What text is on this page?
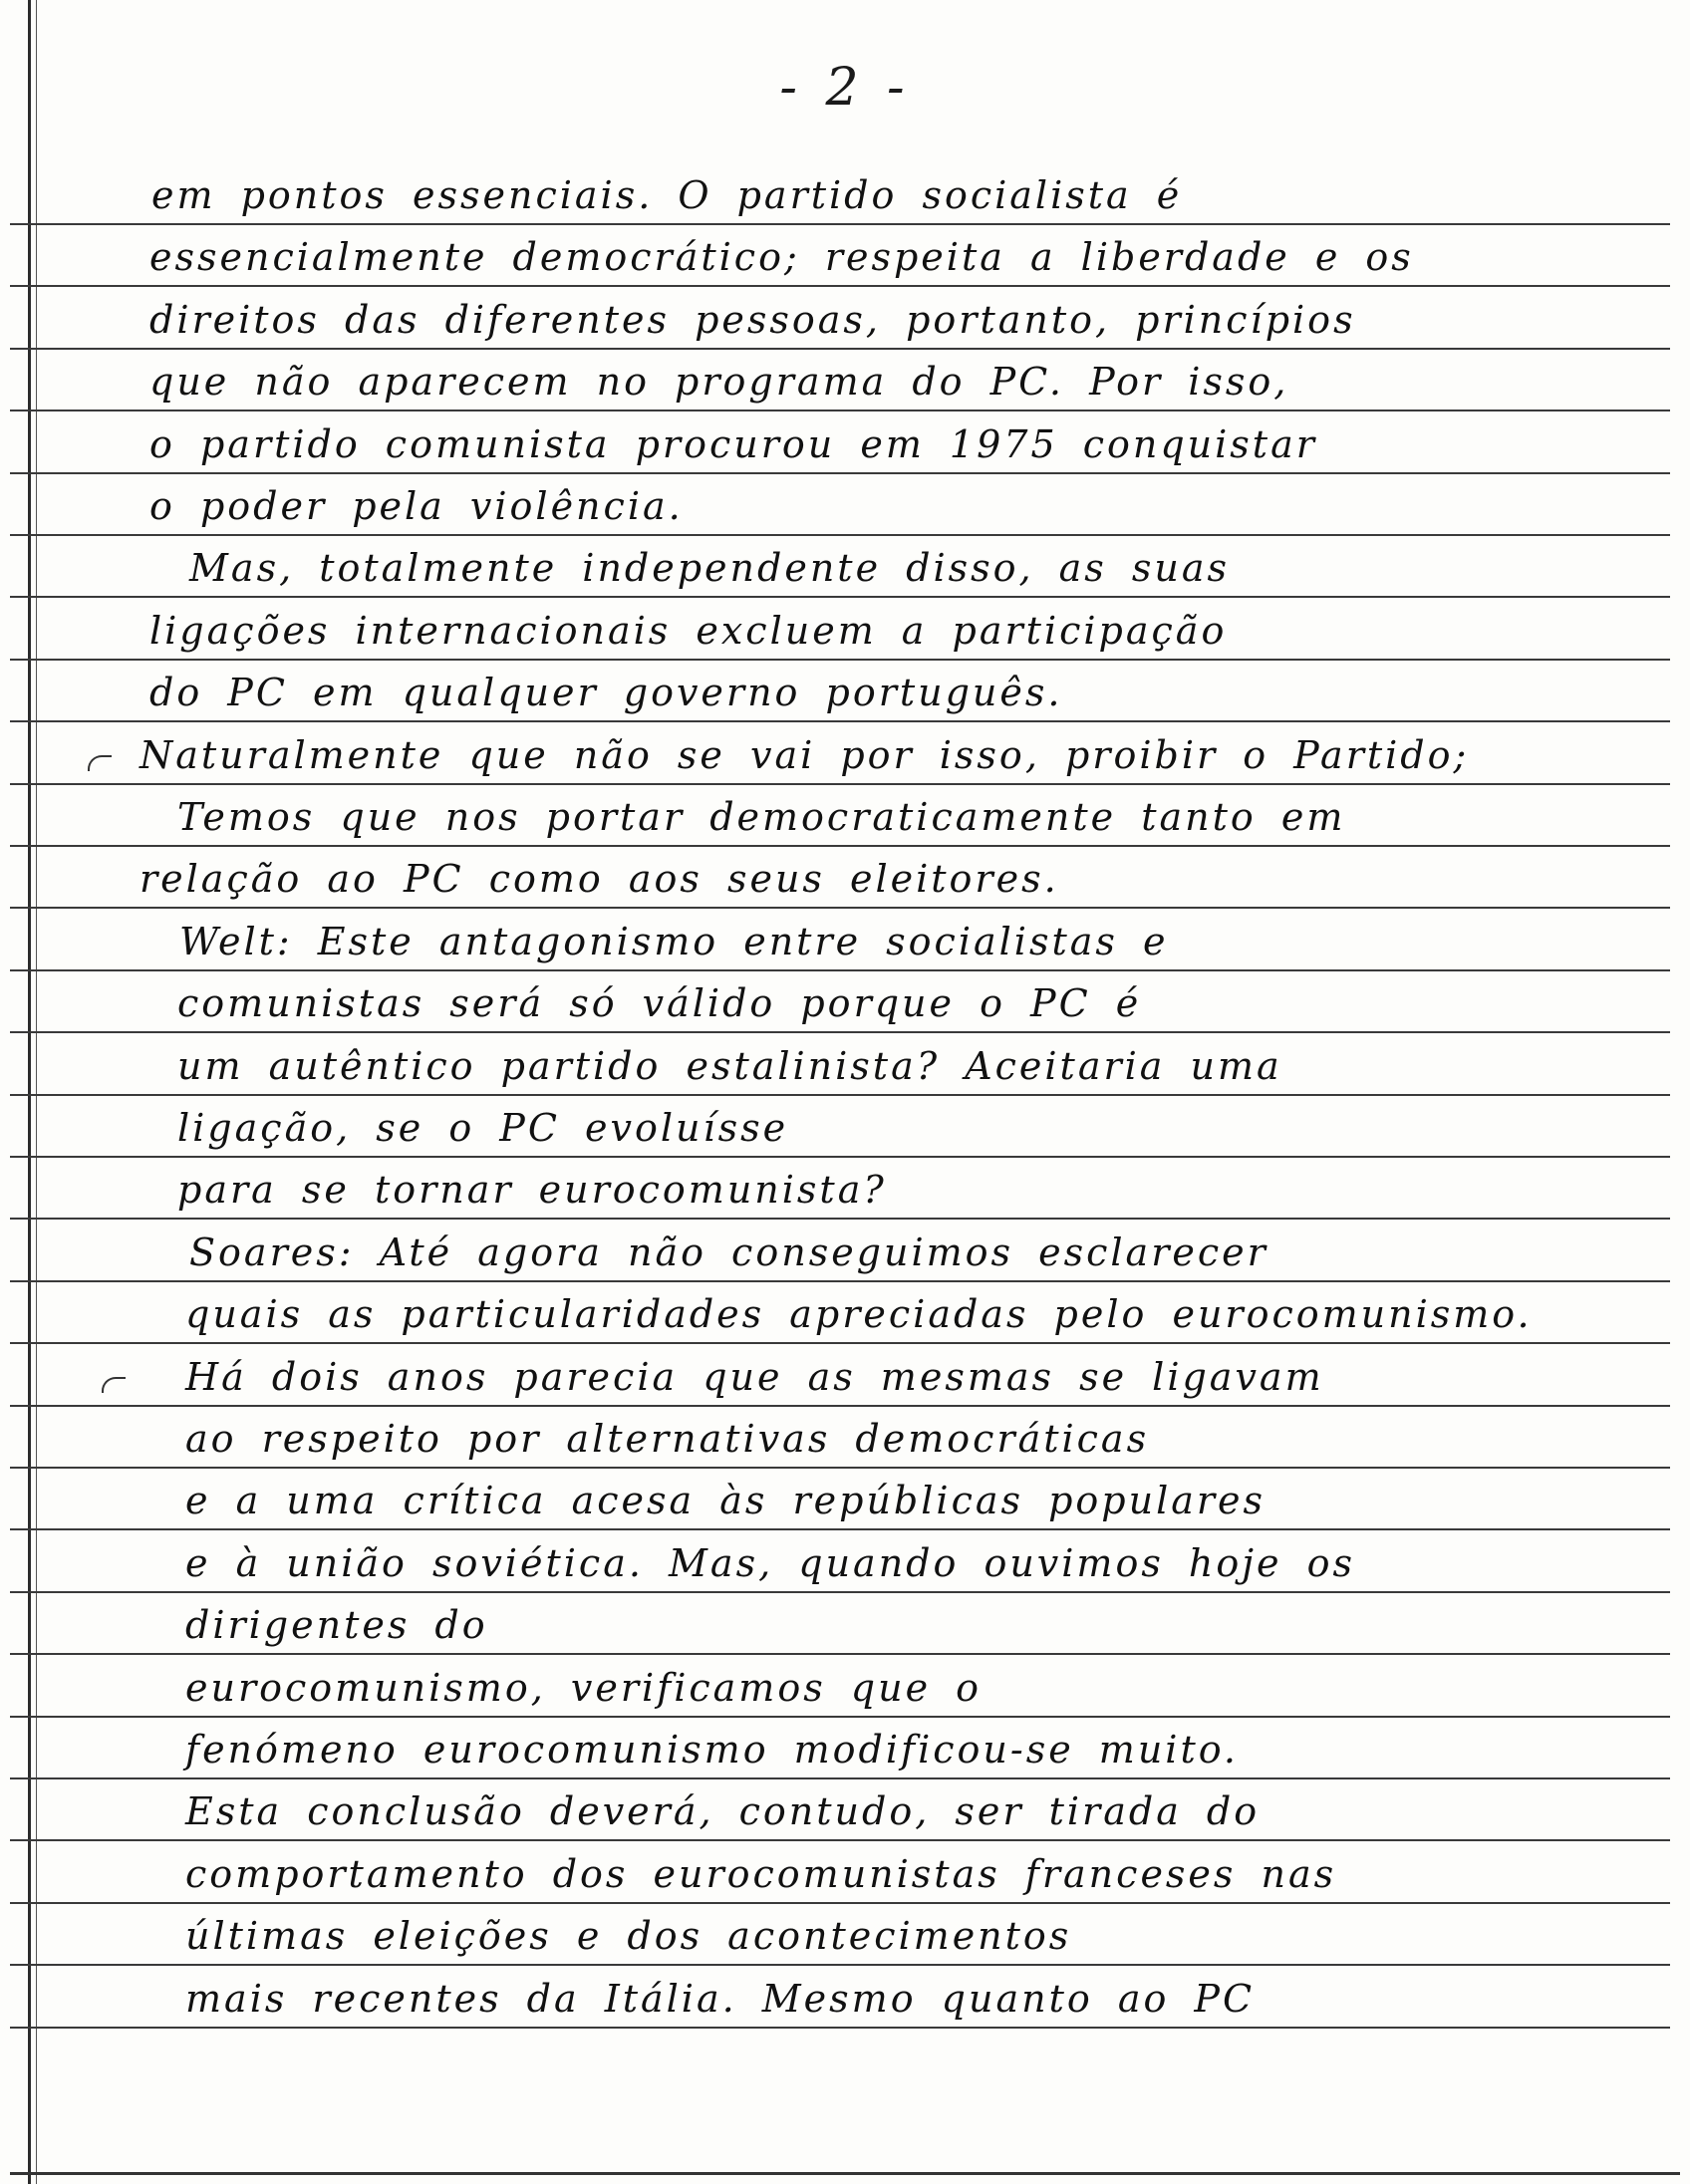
- 2 -
em pontos essenciais. O partido socialista é
essencialmente democrático; respeita a liberdade e os
direitos das diferentes pessoas, portanto, princípios
que não aparecem no programa do PC. Por isso,
o partido comunista procurou em 1975 conquistar
o poder pela violência.
Mas, totalmente independente disso, as suas
ligações internacionais excluem a participação
do PC em qualquer governo português.
Naturalmente que não se vai por isso, proibir o Partido;
Temos que nos portar democraticamente tanto em
relação ao PC como aos seus eleitores.
Welt: Este antagonismo entre socialistas e
comunistas será só válido porque o PC é
um autêntico partido estalinista? Aceitaria uma
ligação, se o PC evoluísse
para se tornar eurocomunista?
Soares: Até agora não conseguimos esclarecer
quais as particularidades apreciadas pelo eurocomunismo.
Há dois anos parecia que as mesmas se ligavam
ao respeito por alternativas democráticas
e a uma crítica acesa às repúblicas populares
e à união soviética. Mas, quando ouvimos hoje os
dirigentes do
eurocomunismo, verificamos que o
fenómeno eurocomunismo modificou-se muito.
Esta conclusão deverá, contudo, ser tirada do
comportamento dos eurocomunistas franceses nas
últimas eleições e dos acontecimentos
mais recentes da Itália. Mesmo quanto ao PC
